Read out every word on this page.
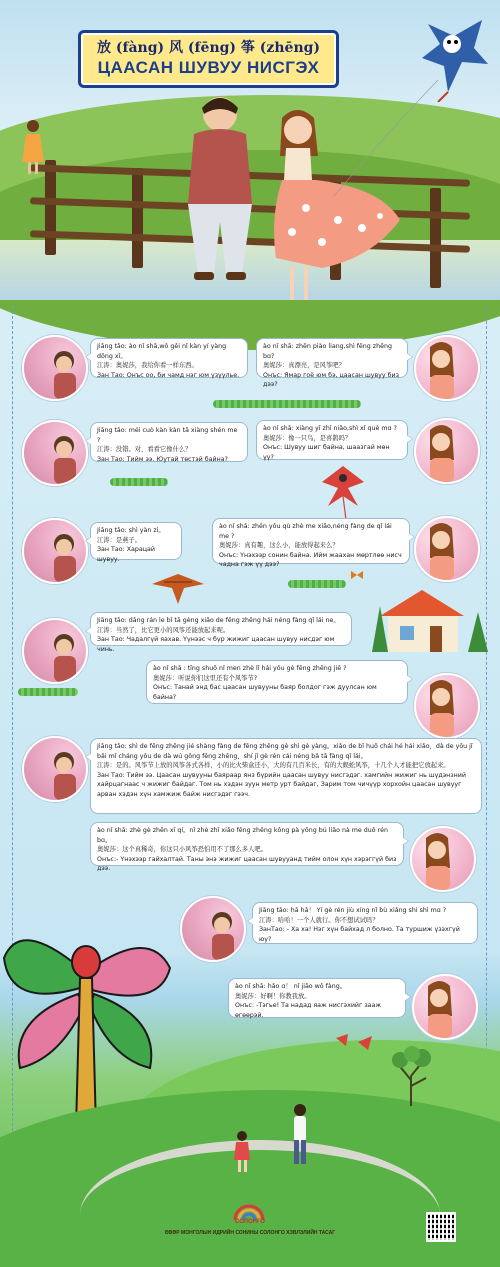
放 (fàng) 风 (fēng) 筝 (zhēng)
ЦААСАН ШУВУУ НИСГЭХ
Jiāng tāo: ào nǐ shā,wǒ gěi nǐ kàn yí yàng dōng xī。
江涛：奥妮莎，我给你看一样东西。
Зан Тао: Онъс оо, би чамд нэг юм үзүүлье.
ào nǐ shā: zhēn piào liang,shì fēng zhēng bɑ?
奥妮莎：真漂亮，是风筝吧？
Онъс: Ямар гоё юм бэ, цаасан шувуу биз дээ?
Jiāng tāo: méi cuò kàn kàn tā xiàng shén me ?
江涛：没错。对，看看它像什么？
Зан Тао: Тийм ээ. Юутай төстэй байна?
ào nǐ shā: xiàng yī zhī niǎo,shì xǐ què mɑ ?
奥妮莎：像一只鸟，是喜鹊吗？
Онъс: Шувуу шиг байна, шаазгай мөн үү?
Jiāng tāo: shì yàn zi。
江涛：是燕子。
Зан Тао: Харацай шувуу.
ào nǐ shā: zhēn yǒu qù zhè me xiǎo,néng fàng de qǐ lái me ?
奥妮莎：真有趣，这么小，能放得起来么？
Онъс: Үнэхээр сонин байна. Ийм жаахан мөртлөө нисч чадна гэж үү дээ?
Jiāng tāo: dāng rán le bǐ tā gèng xiǎo de fēng zhēng hái néng fàng qǐ lái ne。
江涛：当然了，比它更小的风筝还能放起来呢。
Зан Тао: Чадалгүй яахав. Үүнээс ч бүр жижиг цаасан шувуу нисдэг юм чинь.
ào nǐ shā : tīng shuō nǐ men zhè lǐ hái yǒu gè fēng zhēng jiē ?
奥妮莎：听说你们这里还有个风筝节?
Онъс: Танай энд бас цаасан шувууны баяр болдог гэж дуулсан юм байна?
Jiāng tāo: shì de fēng zhēng jié shàng fàng de fēng zhēng gè shì gè yàng。xiǎo de bǐ huǒ chái hé hái xiǎo，dà de yǒu jǐ bǎi mǐ cháng yǒu de dà wú gōng fēng zhēng，shí jǐ gè rén cái néng bǎ tā fàng qǐ lái。
江涛：是的。风筝节上放的风筝各式各样，小的比火柴盒还小，大的有几百米长，有的大蜈蚣风筝，十几个人才能把它放起来。
Зан Тао: Тийм ээ. Цаасан шувууны баяраар янз бүрийн цаасан шувуу нисгэдэг. хамгийн жижиг нь шүдэнзний хайрцагнаас ч жижиг байдаг. Том нь хэдэн зуун метр урт байдаг, Зарим том чичүүр хорхойн цаасан шувууг арван хэдэн хүн хамжиж байж нисгэдэг гээч.
ào nǐ shā: zhè gè zhēn xī qí。nǐ zhè zhī xiǎo fēng zhēng kǒng pà yǒng bú liǎo nà me duō rén bɑ。
奥妮莎：这个真稀奇，你这只小风筝恐怕用不了那么多人吧。
Онъс:- Үнэхээр гайхалтай. Таны энэ жижиг цаасан шувууанд тийм олон хүн хэрэггүй биз дээ.
Jiāng tāo: hā hā！ Yí gè rén jiù xíng nǐ bù xiǎng shì shì mɑ ?
江涛：哈哈！一个人就行。你不想试试吗？
ЗанТао: - Ха ха! Нэг хүн байхад л болно. Та туршиж үзэхгүй юу?
ào nǐ shā: hǎo ɑ！ nǐ jiāo wǒ fàng。
奥妮莎：好啊！你教我放。
Онъс: -Тэгье! Та надад яаж нисгэхийг зааж өгөөрэй.
СОЛОНГО
ӨВӨР МОНГОЛЫН ИДРИЙН СОНИНЫ СОЛОНГО ХЭВЛЭЛИЙН ТАСАГ
